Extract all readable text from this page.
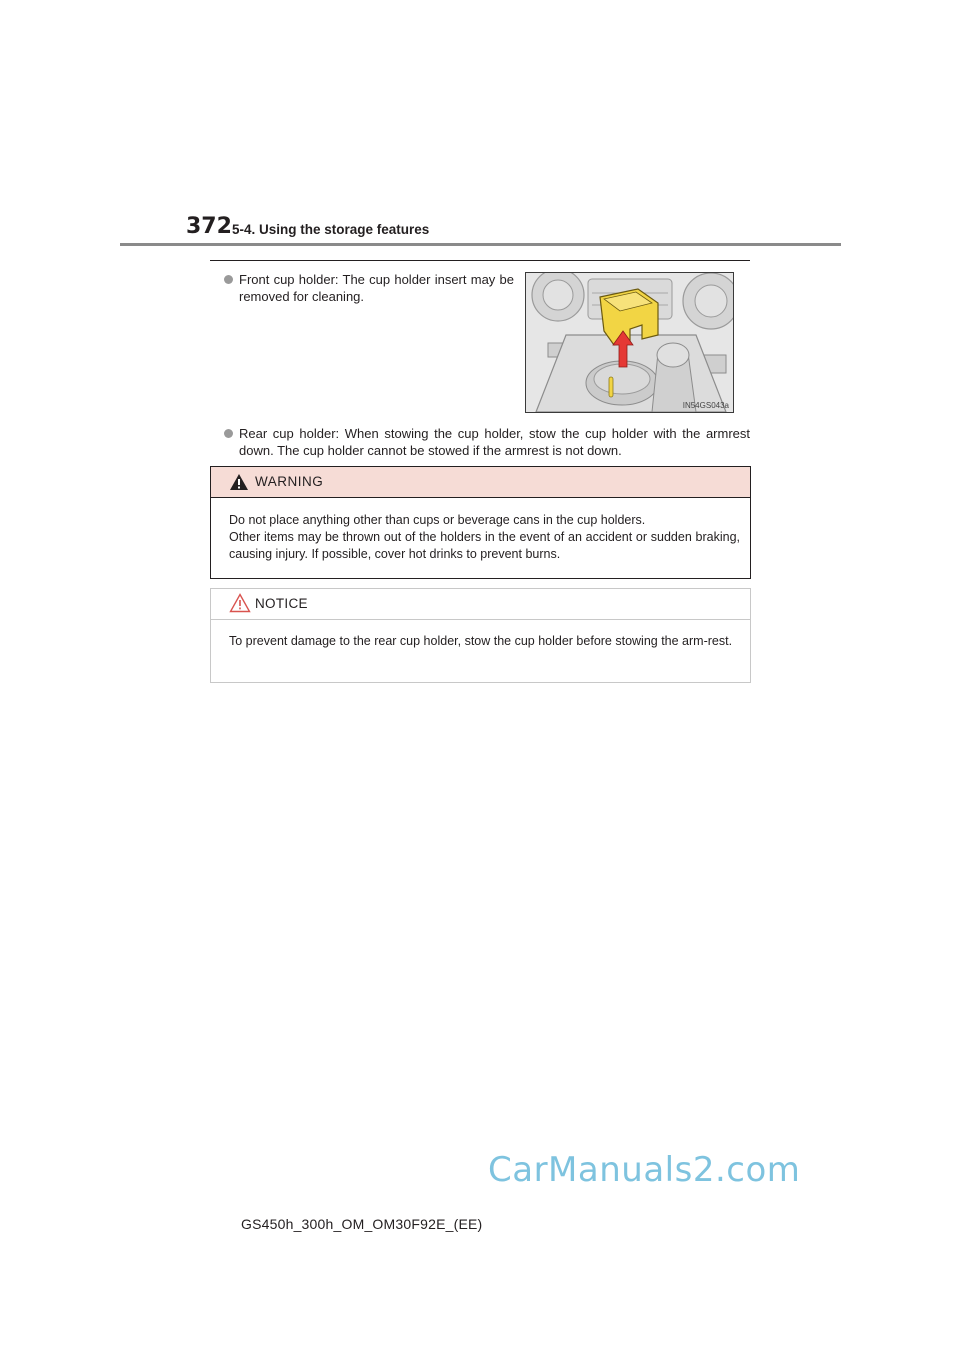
372 5-4. Using the storage features
Front cup holder: The cup holder insert may be removed for cleaning.
IN54GS043a
Rear cup holder: When stowing the cup holder, stow the cup holder with the armrest down. The cup holder cannot be stowed if the armrest is not down.
WARNING

Do not place anything other than cups or beverage cans in the cup holders.

Other items may be thrown out of the holders in the event of an accident or sudden braking, causing injury. If possible, cover hot drinks to prevent burns.

NOTICE

To prevent damage to the rear cup holder, stow the cup holder before stowing the arm-rest.

CarManuals2.com
GS450h_300h_OM_OM30F92E_(EE)
